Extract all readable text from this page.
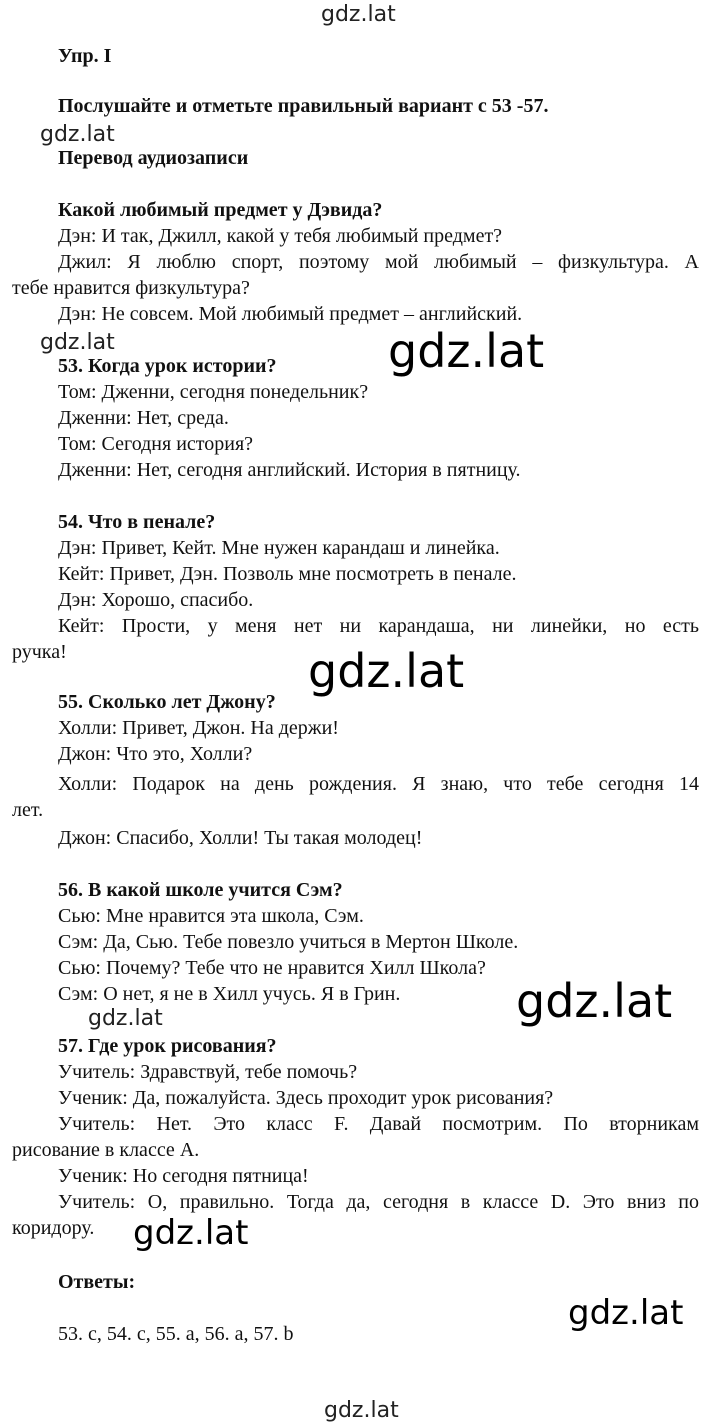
gdz.lat
gdz.lat
gdz.lat	gdz.lat
gdz.lat
gdz.lat
gdz.lat
gdz.lat
gdz.lat
gdz.lat
Упр. I
Послушайте и отметьте правильный вариант с 53 -57.
Перевод аудиозаписи
Какой любимый предмет у Дэвида?
Дэн: И так, Джилл, какой у тебя любимый предмет?
Джил: Я люблю спорт, поэтому мой любимый – физкультура. А
тебе нравится физкультура?
Дэн: Не совсем. Мой любимый предмет – английский.
53. Когда урок истории?
Том: Дженни, сегодня понедельник?
Дженни: Нет, среда.
Том: Сегодня история?
Дженни: Нет, сегодня английский. История в пятницу.
54. Что в пенале?
Дэн: Привет, Кейт. Мне нужен карандаш и линейка.
Кейт: Привет, Дэн. Позволь мне посмотреть в пенале.
Дэн: Хорошо, спасибо.
Кейт: Прости, у меня нет ни карандаша, ни линейки, но есть
ручка!
55. Сколько лет Джону?
Холли: Привет, Джон. На держи!
Джон: Что это, Холли?
Холли: Подарок на день рождения. Я знаю, что тебе сегодня 14
лет.
Джон: Спасибо, Холли! Ты такая молодец!
56. В какой школе учится Сэм?
Сью: Мне нравится эта школа, Сэм.
Сэм: Да, Сью. Тебе повезло учиться в Мертон Школе.
Сью: Почему? Тебе что не нравится Хилл Школа?
Сэм: О нет, я не в Хилл учусь. Я в Грин.
57. Где урок рисования?
Учитель: Здравствуй, тебе помочь?
Ученик: Да, пожалуйста. Здесь проходит урок рисования?
Учитель: Нет. Это класс F. Давай посмотрим. По вторникам
рисование в классе А.
Ученик: Но сегодня пятница!
Учитель: О, правильно. Тогда да, сегодня в классе D. Это вниз по
коридору.
Ответы:
53. с, 54. с, 55. a, 56. a, 57. b
